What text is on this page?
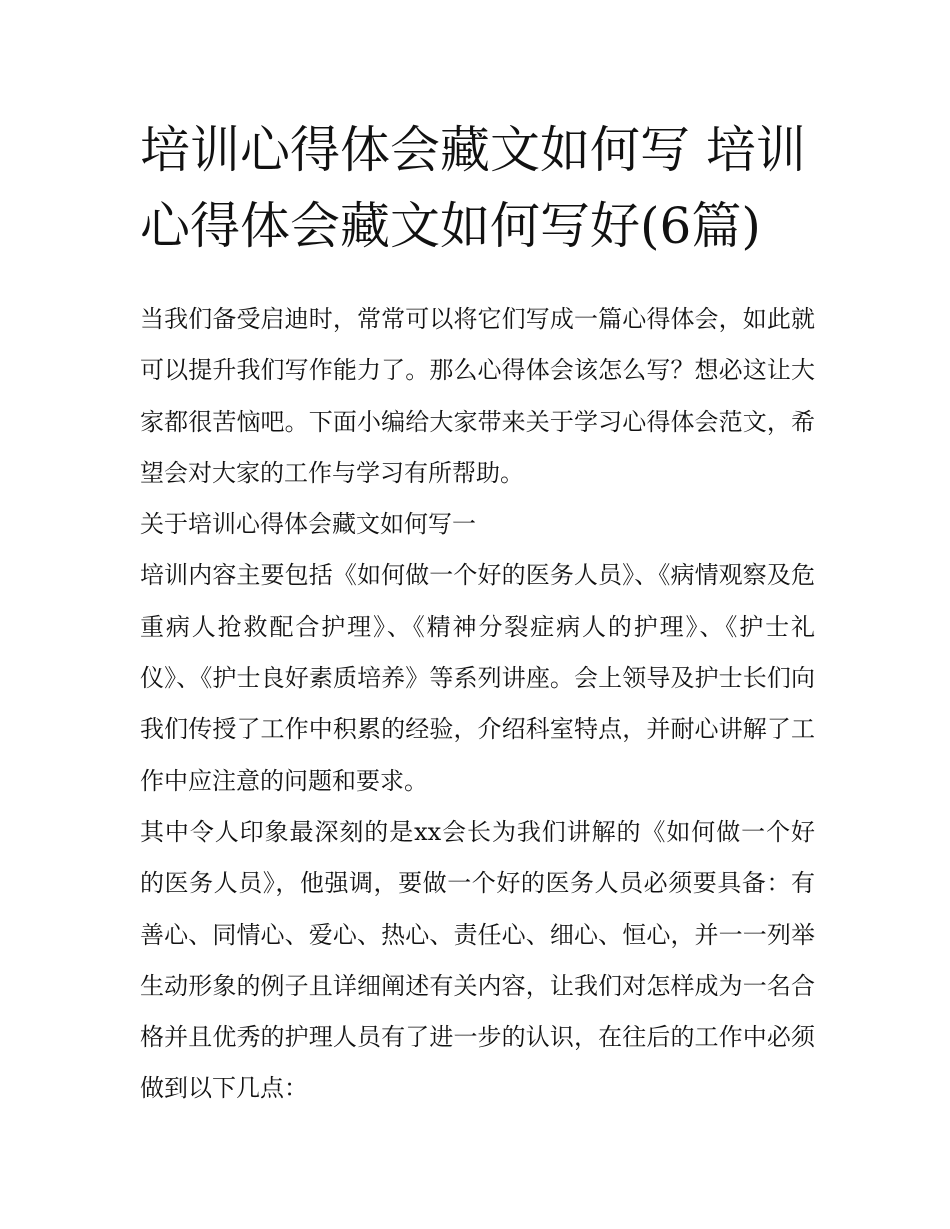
培训心得体会藏文如何写 培训心得体会藏文如何写好(6篇)

当我们备受启迪时，常常可以将它们写成一篇心得体会，如此就可以提升我们写作能力了。那么心得体会该怎么写？想必这让大家都很苦恼吧。下面小编给大家带来关于学习心得体会范文，希望会对大家的工作与学习有所帮助。

关于培训心得体会藏文如何写一

培训内容主要包括《如何做一个好的医务人员》、《病情观察及危重病人抢救配合护理》、《精神分裂症病人的护理》、《护士礼仪》、《护士良好素质培养》等系列讲座。会上领导及护士长们向我们传授了工作中积累的经验，介绍科室特点，并耐心讲解了工作中应注意的问题和要求。

其中令人印象最深刻的是xx会长为我们讲解的《如何做一个好的医务人员》，他强调，要做一个好的医务人员必须要具备：有善心、同情心、爱心、热心、责任心、细心、恒心，并一一列举生动形象的例子且详细阐述有关内容，让我们对怎样成为一名合格并且优秀的护理人员有了进一步的认识，在往后的工作中必须做到以下几点：
